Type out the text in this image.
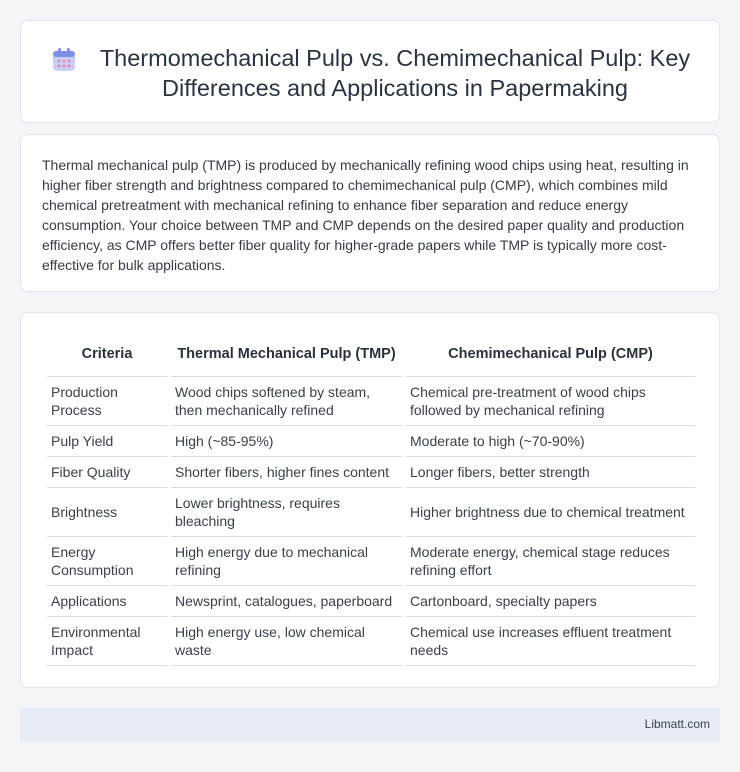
Thermomechanical Pulp vs. Chemimechanical Pulp: Key Differences and Applications in Papermaking

Thermal mechanical pulp (TMP) is produced by mechanically refining wood chips using heat, resulting in higher fiber strength and brightness compared to chemimechanical pulp (CMP), which combines mild chemical pretreatment with mechanical refining to enhance fiber separation and reduce energy consumption. Your choice between TMP and CMP depends on the desired paper quality and production efficiency, as CMP offers better fiber quality for higher-grade papers while TMP is typically more cost-effective for bulk applications.

Criteria	Thermal Mechanical Pulp (TMP)	Chemimechanical Pulp (CMP)
Production Process	Wood chips softened by steam, then mechanically refined	Chemical pre-treatment of wood chips followed by mechanical refining
Pulp Yield	High (~85-95%)	Moderate to high (~70-90%)
Fiber Quality	Shorter fibers, higher fines content	Longer fibers, better strength
Brightness	Lower brightness, requires bleaching	Higher brightness due to chemical treatment
Energy Consumption	High energy due to mechanical refining	Moderate energy, chemical stage reduces refining effort
Applications	Newsprint, catalogues, paperboard	Cartonboard, specialty papers
Environmental Impact	High energy use, low chemical waste	Chemical use increases effluent treatment needs
Libmatt.com
